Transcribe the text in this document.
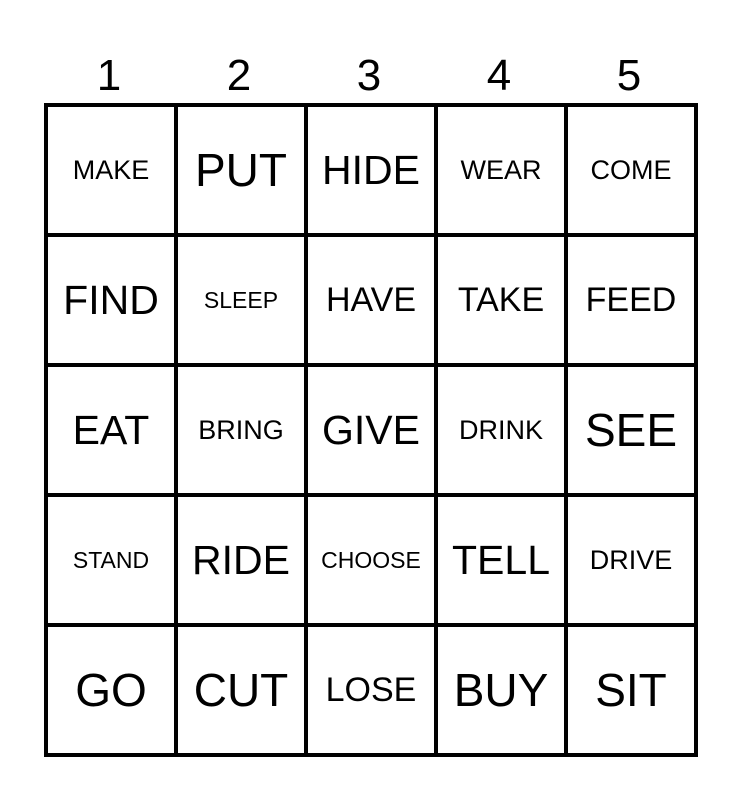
1	2	3	4	5
MAKE PUT HIDE WEAR COME
FIND SLEEP HAVE TAKE FEED
EAT BRING GIVE DRINK SEE
STAND RIDE CHOOSE TELL DRIVE
GO CUT LOSE BUY SIT
